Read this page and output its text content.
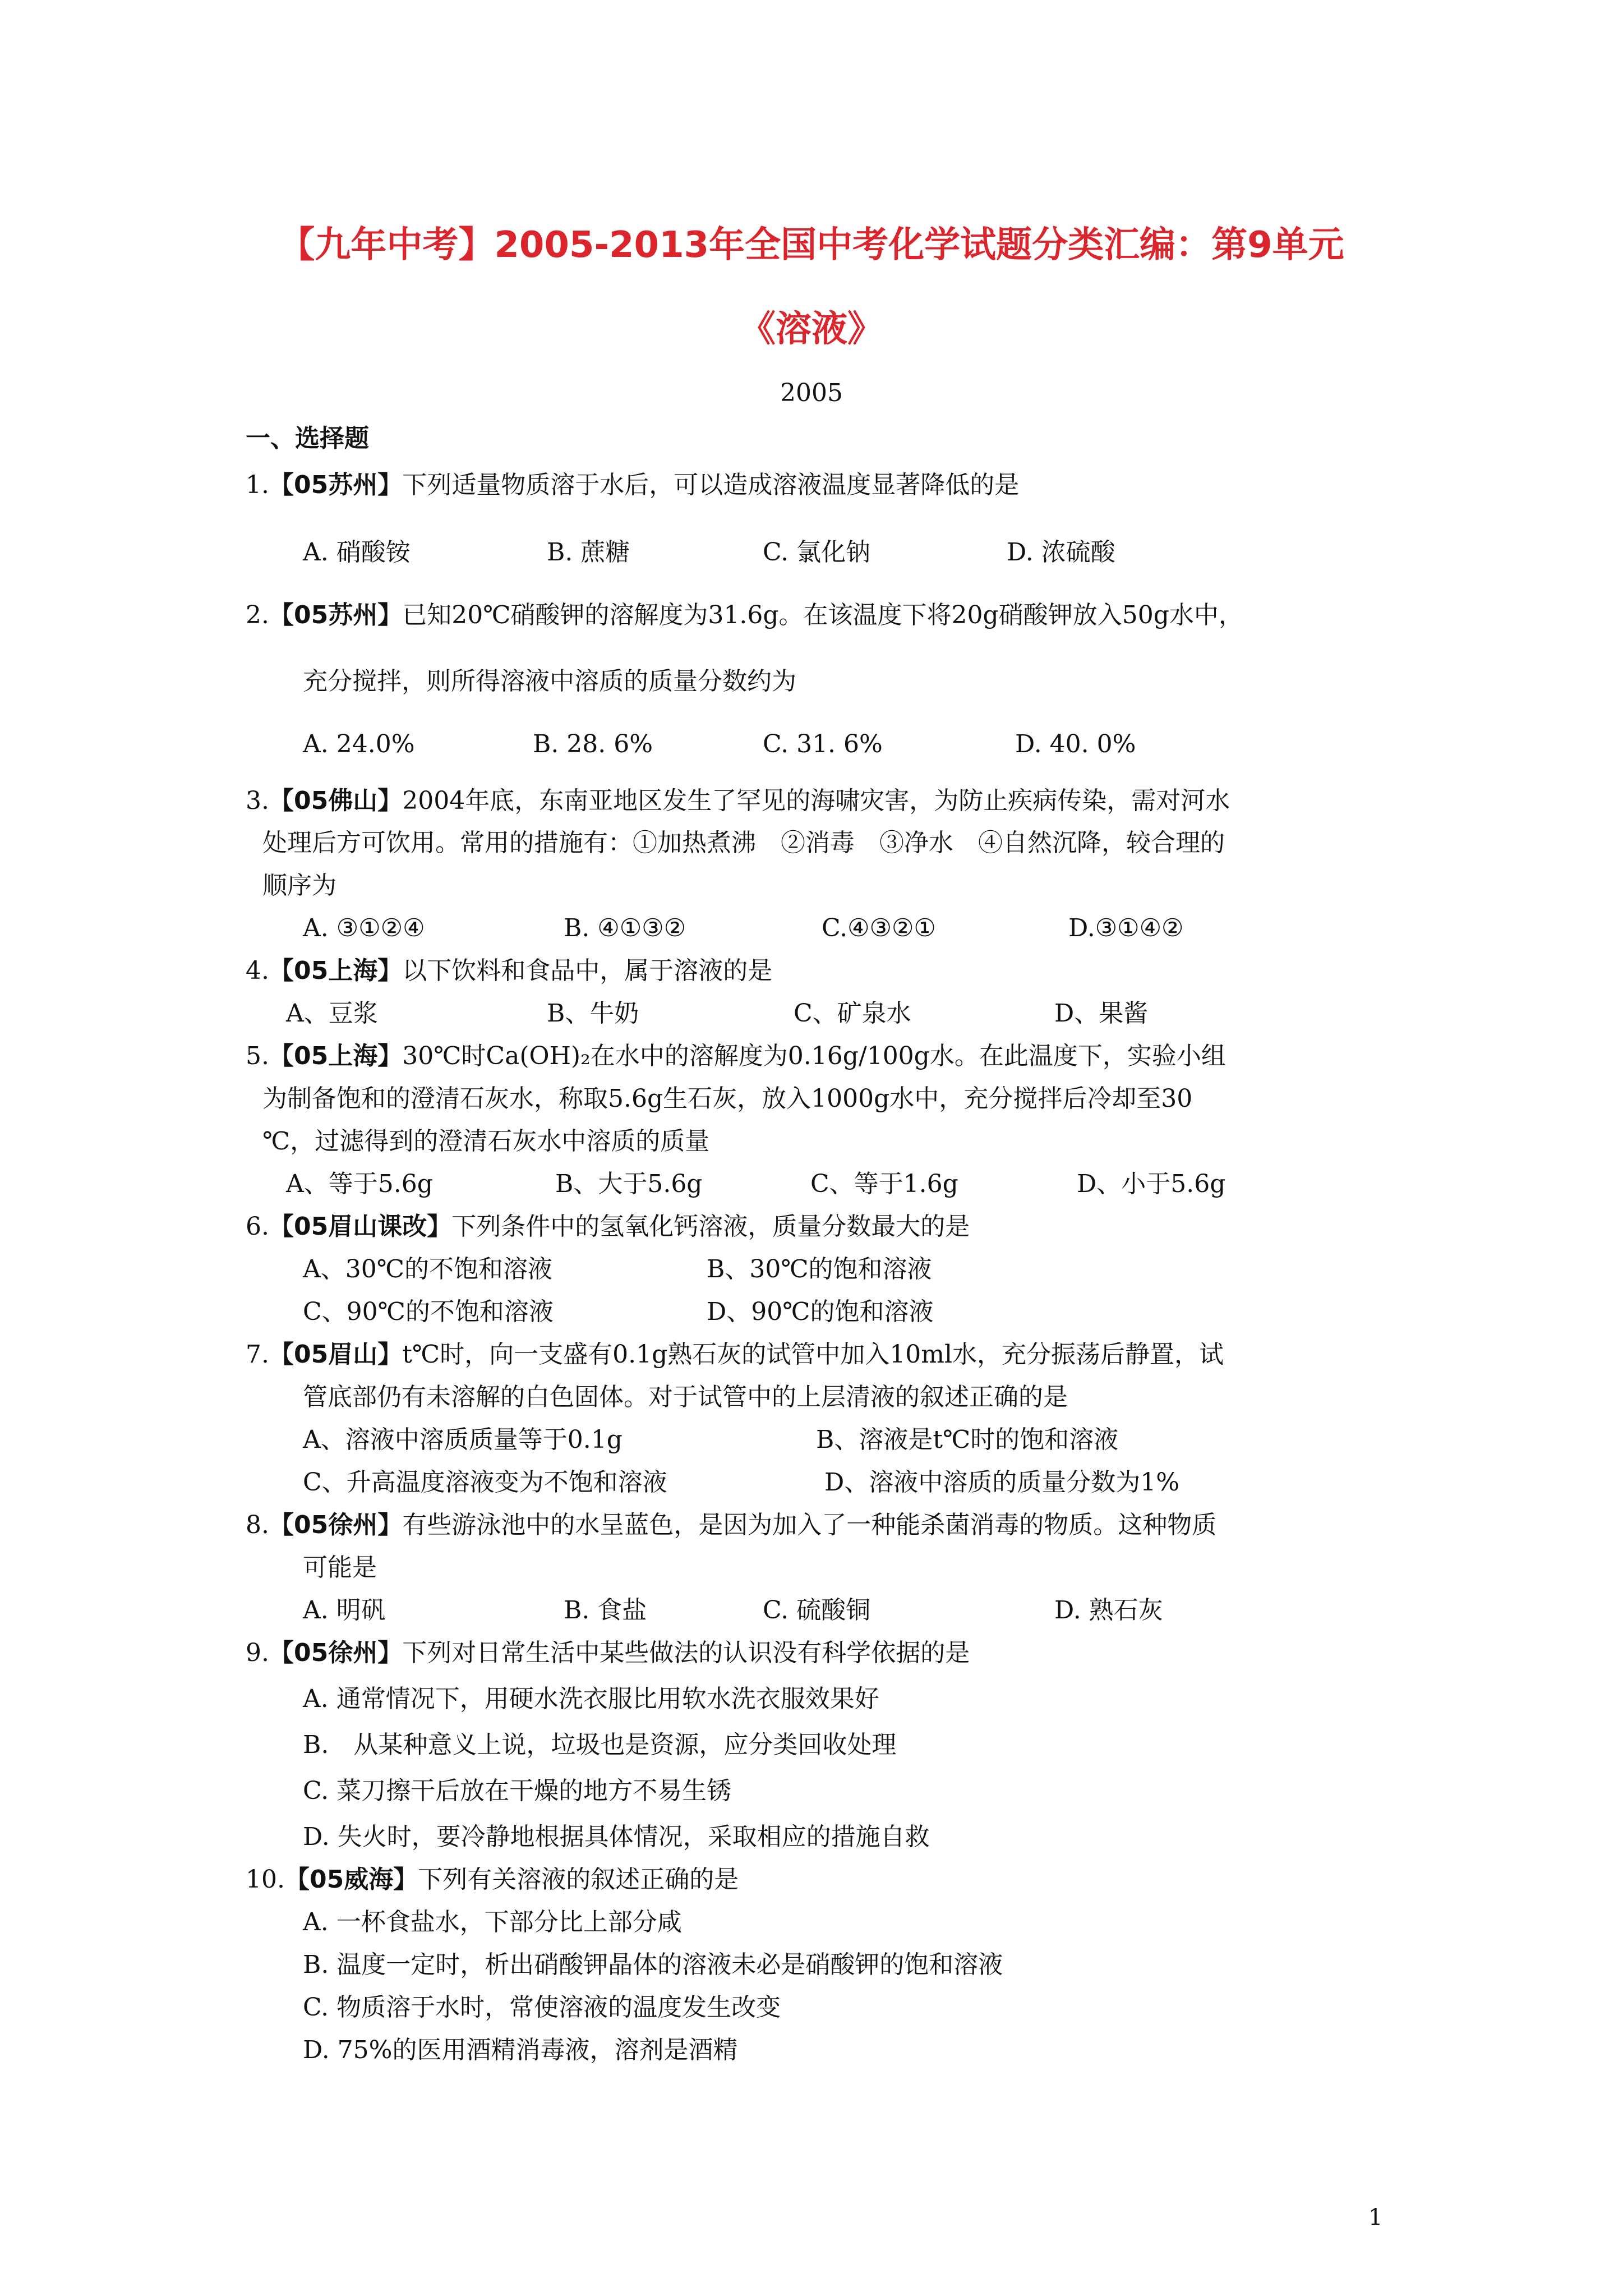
【九年中考】2005-2013年全国中考化学试题分类汇编：第9单元
《溶液》
2005
一、选择题
1.【05苏州】下列适量物质溶于水后，可以造成溶液温度显著降低的是
A. 硝酸铵	B. 蔗糖	C. 氯化钠	D. 浓硫酸
2.【05苏州】已知20℃硝酸钾的溶解度为31.6g。在该温度下将20g硝酸钾放入50g水中，
充分搅拌，则所得溶液中溶质的质量分数约为
A. 24.0%	B. 28. 6%	C. 31. 6%	D. 40. 0%
3.【05佛山】2004年底，东南亚地区发生了罕见的海啸灾害，为防止疾病传染，需对河水
处理后方可饮用。常用的措施有：①加热煮沸　②消毒　③净水　④自然沉降，较合理的
顺序为
A. ③①②④	B. ④①③②	C.④③②①	D.③①④②
4.【05上海】以下饮料和食品中，属于溶液的是
A、豆浆	B、牛奶	C、矿泉水	D、果酱
5.【05上海】30℃时Ca(OH)₂在水中的溶解度为0.16g/100g水。在此温度下，实验小组
为制备饱和的澄清石灰水，称取5.6g生石灰，放入1000g水中，充分搅拌后冷却至30
℃，过滤得到的澄清石灰水中溶质的质量
A、等于5.6g	B、大于5.6g	C、等于1.6g	D、小于5.6g
6.【05眉山课改】下列条件中的氢氧化钙溶液，质量分数最大的是
A、30℃的不饱和溶液	B、30℃的饱和溶液
C、90℃的不饱和溶液	D、90℃的饱和溶液
7.【05眉山】t℃时，向一支盛有0.1g熟石灰的试管中加入10ml水，充分振荡后静置，试
管底部仍有未溶解的白色固体。对于试管中的上层清液的叙述正确的是
A、溶液中溶质质量等于0.1g	B、溶液是t℃时的饱和溶液
C、升高温度溶液变为不饱和溶液	D、溶液中溶质的质量分数为1%
8.【05徐州】有些游泳池中的水呈蓝色，是因为加入了一种能杀菌消毒的物质。这种物质
可能是
A. 明矾	B. 食盐	C. 硫酸铜	D. 熟石灰
9.【05徐州】下列对日常生活中某些做法的认识没有科学依据的是
A. 通常情况下，用硬水洗衣服比用软水洗衣服效果好
B.　从某种意义上说，垃圾也是资源，应分类回收处理
C. 菜刀擦干后放在干燥的地方不易生锈
D. 失火时，要冷静地根据具体情况，采取相应的措施自救
10.【05威海】下列有关溶液的叙述正确的是
A. 一杯食盐水，下部分比上部分咸
B. 温度一定时，析出硝酸钾晶体的溶液未必是硝酸钾的饱和溶液
C. 物质溶于水时，常使溶液的温度发生改变
D. 75%的医用酒精消毒液，溶剂是酒精
1
